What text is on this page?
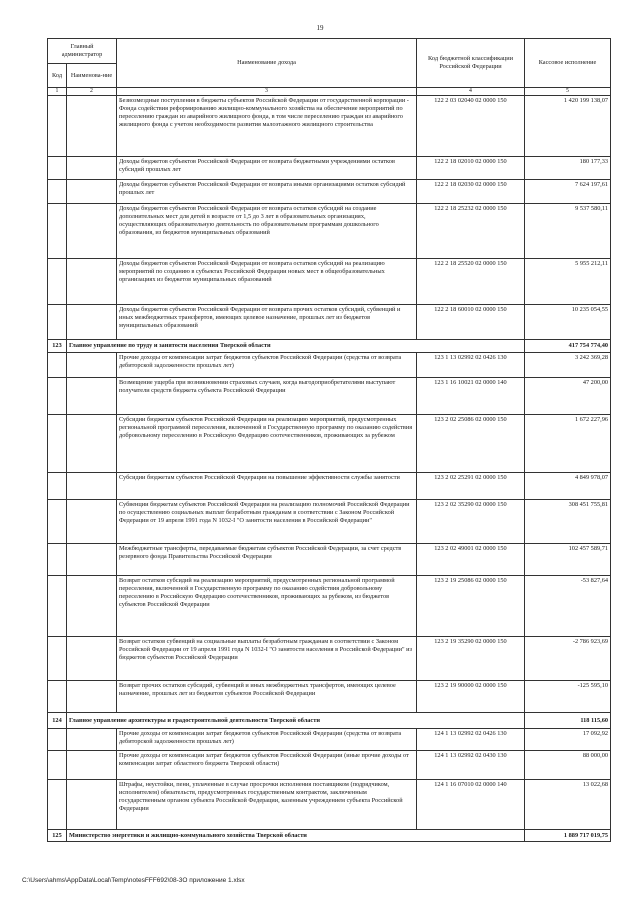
19
Главный администратор		Наименование дохода	Код бюджетной классификации Российской Федерации	Кассовое исполнение
Код	Наименова-ние			
1	2	3	4	5
		Безвозмездные поступления в бюджеты субъектов Российской Федерации от государственной корпорации - Фонда содействия реформированию жилищно-коммунального хозяйства на обеспечение мероприятий по переселению граждан из аварийного жилищного фонда, в том числе переселению граждан из аварийного жилищного фонда с учетом необходимости развития малоэтажного жилищного строительства	122 2 03 02040 02 0000 150	1 420 199 138,07
		Доходы бюджетов субъектов Российской Федерации от возврата бюджетными учреждениями остатков субсидий прошлых лет	122 2 18 02010 02 0000 150	180 177,33
		Доходы бюджетов субъектов Российской Федерации от возврата иными организациями остатков субсидий прошлых лет	122 2 18 02030 02 0000 150	7 624 197,61
		Доходы бюджетов субъектов Российской Федерации от возврата остатков субсидий на создание дополнительных мест для детей в возрасте от 1,5 до 3 лет в образовательных организациях, осуществляющих образовательную деятельность по образовательным программам дошкольного образования, из бюджетов муниципальных образований	122 2 18 25232 02 0000 150	9 537 580,11
		Доходы бюджетов субъектов Российской Федерации от возврата остатков субсидий на реализацию мероприятий по созданию в субъектах Российской Федерации новых мест в общеобразовательных организациях из бюджетов муниципальных образований	122 2 18 25520 02 0000 150	5 955 212,11
		Доходы бюджетов субъектов Российской Федерации от возврата прочих остатков субсидий, субвенций и иных межбюджетных трансфертов, имеющих целевое назначение, прошлых лет из бюджетов муниципальных образований	122 2 18 60010 02 0000 150	10 235 054,55
123	Главное управление по труду и занятости населения Тверской области			417 754 774,40
		Прочие доходы от компенсации затрат бюджетов субъектов Российской Федерации (средства от возврата дебиторской задолженности прошлых лет)	123 1 13 02992 02 0426 130	3 242 369,28
		Возмещение ущерба при возникновении страховых случаев, когда выгодоприобретателями выступают получатели средств бюджета субъекта Российской Федерации	123 1 16 10021 02 0000 140	47 200,00
		Субсидии бюджетам субъектов Российской Федерации на реализацию мероприятий, предусмотренных региональной программой переселения, включенной в Государственную программу по оказанию содействия добровольному переселению в Российскую Федерацию соотечественников, проживающих за рубежом	123 2 02 25086 02 0000 150	1 672 227,96
		Субсидии бюджетам субъектов Российской Федерации на повышение эффективности службы занятости	123 2 02 25291 02 0000 150	4 849 978,07
		Субвенции бюджетам субъектов Российской Федерации на реализацию полномочий Российской Федерации по осуществлению социальных выплат безработным гражданам в соответствии с Законом Российской Федерации от 19 апреля 1991 года N 1032-I "О занятости населения в Российской Федерации"	123 2 02 35290 02 0000 150	308 451 755,81
		Межбюджетные трансферты, передаваемые бюджетам субъектов Российской Федерации, за счет средств резервного фонда Правительства Российской Федерации	123 2 02 49001 02 0000 150	102 457 589,71
		Возврат остатков субсидий на реализацию мероприятий, предусмотренных региональной программой переселения, включенной в Государственную программу по оказанию содействия добровольному переселению в Российскую Федерацию соотечественников, проживающих за рубежом, из бюджетов субъектов Российской Федерации	123 2 19 25086 02 0000 150	-53 827,64
		Возврат остатков субвенций на социальные выплаты безработным гражданам в соответствии с Законом Российской Федерации от 19 апреля 1991 года N 1032-I "О занятости населения в Российской Федерации" из бюджетов субъектов Российской Федерации	123 2 19 35290 02 0000 150	-2 786 923,69
		Возврат прочих остатков субсидий, субвенций и иных межбюджетных трансфертов, имеющих целевое назначение, прошлых лет из бюджетов субъектов Российской Федерации	123 2 19 90000 02 0000 150	-125 595,10
124	Главное управление архитектуры и градостроительной деятельности Тверской области			118 115,60
		Прочие доходы от компенсации затрат бюджетов субъектов Российской Федерации (средства от возврата дебиторской задолженности прошлых лет)	124 1 13 02992 02 0426 130	17 092,92
		Прочие доходы от компенсации затрат бюджетов субъектов Российской Федерации (иные прочие доходы от компенсации затрат областного бюджета Тверской области)	124 1 13 02992 02 0430 130	88 000,00
		Штрафы, неустойки, пени, уплаченные в случае просрочки исполнения поставщиком (подрядчиком, исполнителем) обязательств, предусмотренных государственным контрактом, заключенным государственным органом субъекта Российской Федерации, казенным учреждением субъекта Российской Федерации	124 1 16 07010 02 0000 140	13 022,68
125	Министерство энергетики и жилищно-коммунального хозяйства Тверской области			1 889 717 019,75
C:\Users\ahms\AppData\Local\Temp\notesFFF692\08-3О приложение 1.xlsx
